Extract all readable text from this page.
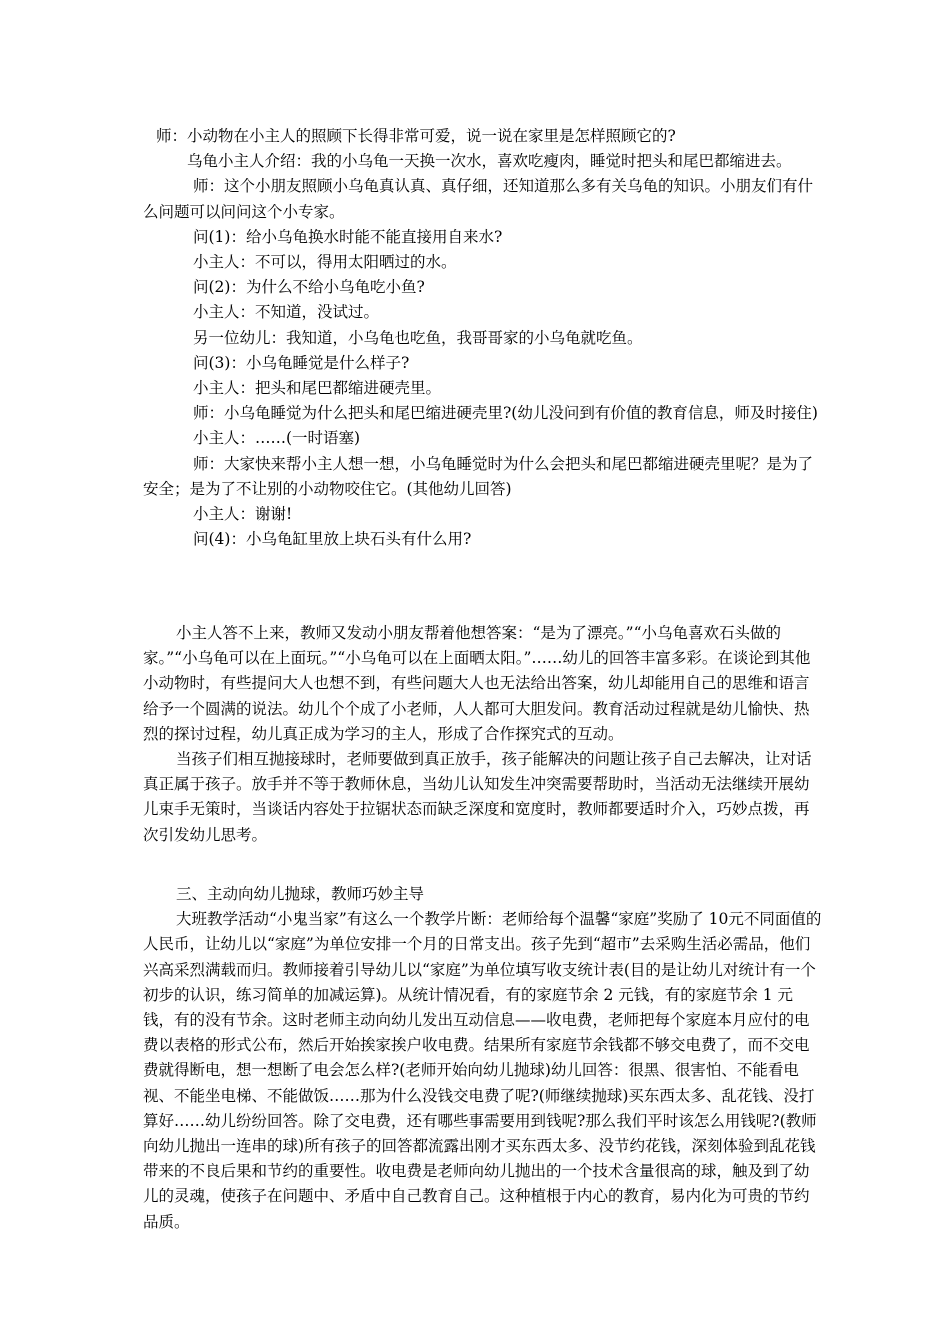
师：小动物在小主人的照顾下长得非常可爱，说一说在家里是怎样照顾它的?

乌龟小主人介绍：我的小乌龟一天换一次水，喜欢吃瘦肉，睡觉时把头和尾巴都缩进去。

师：这个小朋友照顾小乌龟真认真、真仔细，还知道那么多有关乌龟的知识。小朋友们有什么问题可以问问这个小专家。

问(1)：给小乌龟换水时能不能直接用自来水?

小主人：不可以，得用太阳晒过的水。

问(2)：为什么不给小乌龟吃小鱼?

小主人：不知道，没试过。

另一位幼儿：我知道，小乌龟也吃鱼，我哥哥家的小乌龟就吃鱼。

问(3)：小乌龟睡觉是什么样子?

小主人：把头和尾巴都缩进硬壳里。

师：小乌龟睡觉为什么把头和尾巴缩进硬壳里?(幼儿没问到有价值的教育信息，师及时接住)

小主人：……(一时语塞)

师：大家快来帮小主人想一想，小乌龟睡觉时为什么会把头和尾巴都缩进硬壳里呢？是为了安全；是为了不让别的小动物咬住它。(其他幼儿回答)

小主人：谢谢!

问(4)：小乌龟缸里放上块石头有什么用?

小主人答不上来，教师又发动小朋友帮着他想答案：“是为了漂亮。”“小乌龟喜欢石头做的家。”“小乌龟可以在上面玩。”“小乌龟可以在上面晒太阳。”……幼儿的回答丰富多彩。在谈论到其他小动物时，有些提问大人也想不到，有些问题大人也无法给出答案，幼儿却能用自己的思维和语言给予一个圆满的说法。幼儿个个成了小老师，人人都可大胆发问。教育活动过程就是幼儿愉快、热烈的探讨过程，幼儿真正成为学习的主人，形成了合作探究式的互动。

当孩子们相互抛接球时，老师要做到真正放手，孩子能解决的问题让孩子自己去解决，让对话真正属于孩子。放手并不等于教师休息，当幼儿认知发生冲突需要帮助时，当活动无法继续开展幼儿束手无策时，当谈话内容处于拉锯状态而缺乏深度和宽度时，教师都要适时介入，巧妙点拨，再次引发幼儿思考。

三、主动向幼儿抛球，教师巧妙主导

大班教学活动“小鬼当家”有这么一个教学片断：老师给每个温馨“家庭”奖励了 10元不同面值的人民币，让幼儿以“家庭”为单位安排一个月的日常支出。孩子先到“超市”去采购生活必需品，他们兴高采烈满载而归。教师接着引导幼儿以“家庭”为单位填写收支统计表(目的是让幼儿对统计有一个初步的认识，练习简单的加减运算)。从统计情况看，有的家庭节余 2 元钱，有的家庭节余 1 元钱，有的没有节余。这时老师主动向幼儿发出互动信息——收电费，老师把每个家庭本月应付的电费以表格的形式公布，然后开始挨家挨户收电费。结果所有家庭节余钱都不够交电费了，而不交电费就得断电，想一想断了电会怎么样?(老师开始向幼儿抛球)幼儿回答：很黑、很害怕、不能看电视、不能坐电梯、不能做饭……那为什么没钱交电费了呢?(师继续抛球)买东西太多、乱花钱、没打算好……幼儿纷纷回答。除了交电费，还有哪些事需要用到钱呢?那么我们平时该怎么用钱呢?(教师向幼儿抛出一连串的球)所有孩子的回答都流露出刚才买东西太多、没节约花钱，深刻体验到乱花钱带来的不良后果和节约的重要性。收电费是老师向幼儿抛出的一个技术含量很高的球，触及到了幼儿的灵魂，使孩子在问题中、矛盾中自己教育自己。这种植根于内心的教育，易内化为可贵的节约品质。
